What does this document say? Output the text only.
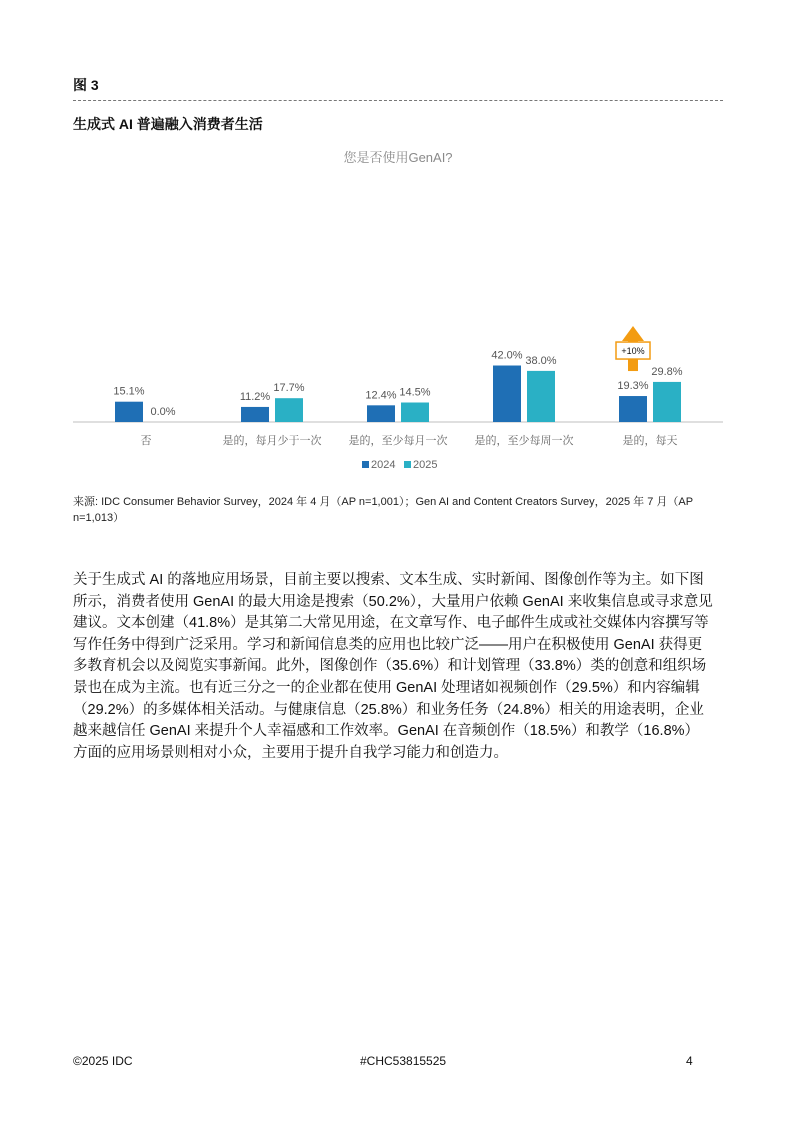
图 3
生成式 AI 普遍融入消费者生活
您是否使用GenAI?
15.1%
0.0%
否
11.2%
17.7%
是的，每月少于一次
12.4% 14.5%
是的，至少每月一次
42.0% 38.0%
是的，至少每周一次
19.3%
29.8%
是的，每天
+10%
2024 2025
来源: IDC Consumer Behavior Survey，2024 年 4 月（AP n=1,001）；Gen AI and Content Creators Survey，2025 年 7 月（AP n=1,013）

关于生成式 AI 的落地应用场景，目前主要以搜索、文本生成、实时新闻、图像创作等为主。如下图所示，消费者使用 GenAI 的最大用途是搜索（50.2%），大量用户依赖 GenAI 来收集信息或寻求意见建议。文本创建（41.8%）是其第二大常见用途，在文章写作、电子邮件生成或社交媒体内容撰写等写作任务中得到广泛采用。学习和新闻信息类的应用也比较广泛——用户在积极使用 GenAI 获得更多教育机会以及阅览实事新闻。此外，图像创作（35.6%）和计划管理（33.8%）类的创意和组织场景也在成为主流。也有近三分之一的企业都在使用 GenAI 处理诸如视频创作（29.5%）和内容编辑（29.2%）的多媒体相关活动。与健康信息（25.8%）和业务任务（24.8%）相关的用途表明，企业越来越信任 GenAI 来提升个人幸福感和工作效率。GenAI 在音频创作（18.5%）和教学（16.8%）方面的应用场景则相对小众，主要用于提升自我学习能力和创造力。

©2025 IDC	#CHC53815525	4
